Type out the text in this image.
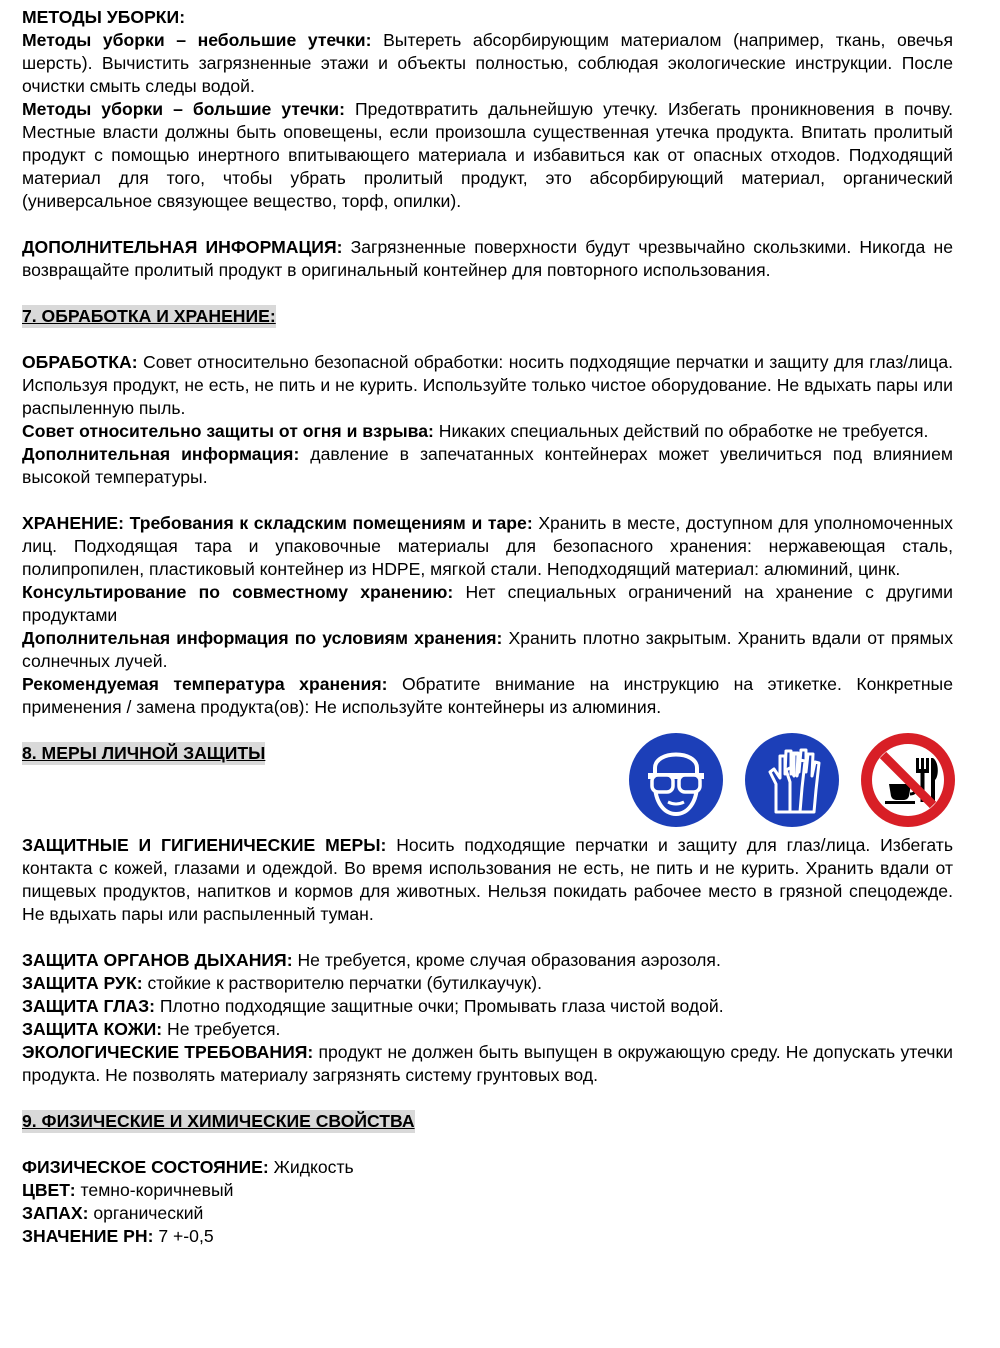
МЕТОДЫ УБОРКИ:

Методы уборки – небольшие утечки: Вытереть абсорбирующим материалом (например, ткань, овечья шерсть). Вычистить загрязненные этажи и объекты полностью, соблюдая экологические инструкции. После очистки смыть следы водой.

Методы уборки – большие утечки: Предотвратить дальнейшую утечку. Избегать проникновения в почву. Местные власти должны быть оповещены, если произошла существенная утечка продукта. Впитать пролитый продукт с помощью инертного впитывающего материала и избавиться как от опасных отходов. Подходящий материал для того, чтобы убрать пролитый продукт, это абсорбирующий материал, органический (универсальное связующее вещество, торф, опилки).

ДОПОЛНИТЕЛЬНАЯ ИНФОРМАЦИЯ: Загрязненные поверхности будут чрезвычайно скользкими. Никогда не возвращайте пролитый продукт в оригинальный контейнер для повторного использования.

7. ОБРАБОТКА И ХРАНЕНИЕ:

ОБРАБОТКА: Совет относительно безопасной обработки: носить подходящие перчатки и защиту для глаз/лица. Используя продукт, не есть, не пить и не курить. Используйте только чистое оборудование. Не вдыхать пары или распыленную пыль.

Совет относительно защиты от огня и взрыва: Никаких специальных действий по обработке не требуется.

Дополнительная информация: давление в запечатанных контейнерах может увеличиться под влиянием высокой температуры.

ХРАНЕНИЕ: Требования к складским помещениям и таре: Хранить в месте, доступном для уполномоченных лиц. Подходящая тара и упаковочные материалы для безопасного хранения: нержавеющая сталь, полипропилен, пластиковый контейнер из HDPE, мягкой стали. Неподходящий материал: алюминий, цинк.

Консультирование по совместному хранению: Нет специальных ограничений на хранение с другими продуктами

Дополнительная информация по условиям хранения: Хранить плотно закрытым. Хранить вдали от прямых солнечных лучей.

Рекомендуемая температура хранения: Обратите внимание на инструкцию на этикетке. Конкретные применения / замена продукта(ов): Не используйте контейнеры из алюминия.

8. МЕРЫ ЛИЧНОЙ ЗАЩИТЫ

ЗАЩИТНЫЕ И ГИГИЕНИЧЕСКИЕ МЕРЫ: Носить подходящие перчатки и защиту для глаз/лица. Избегать контакта с кожей, глазами и одеждой. Во время использования не есть, не пить и не курить. Хранить вдали от пищевых продуктов, напитков и кормов для животных. Нельзя покидать рабочее место в грязной спецодежде. Не вдыхать пары или распыленный туман.

ЗАЩИТА ОРГАНОВ ДЫХАНИЯ: Не требуется, кроме случая образования аэрозоля.

ЗАЩИТА РУК: стойкие к растворителю перчатки (бутилкаучук).

ЗАЩИТА ГЛАЗ: Плотно подходящие защитные очки; Промывать глаза чистой водой.

ЗАЩИТА КОЖИ: Не требуется.

ЭКОЛОГИЧЕСКИЕ ТРЕБОВАНИЯ: продукт не должен быть выпущен в окружающую среду. Не допускать утечки продукта. Не позволять материалу загрязнять систему грунтовых вод.

9. ФИЗИЧЕСКИЕ И ХИМИЧЕСКИЕ СВОЙСТВА

ФИЗИЧЕСКОЕ СОСТОЯНИЕ: Жидкость

ЦВЕТ: темно-коричневый

ЗАПАХ: органический

ЗНАЧЕНИЕ PH: 7 +-0,5
